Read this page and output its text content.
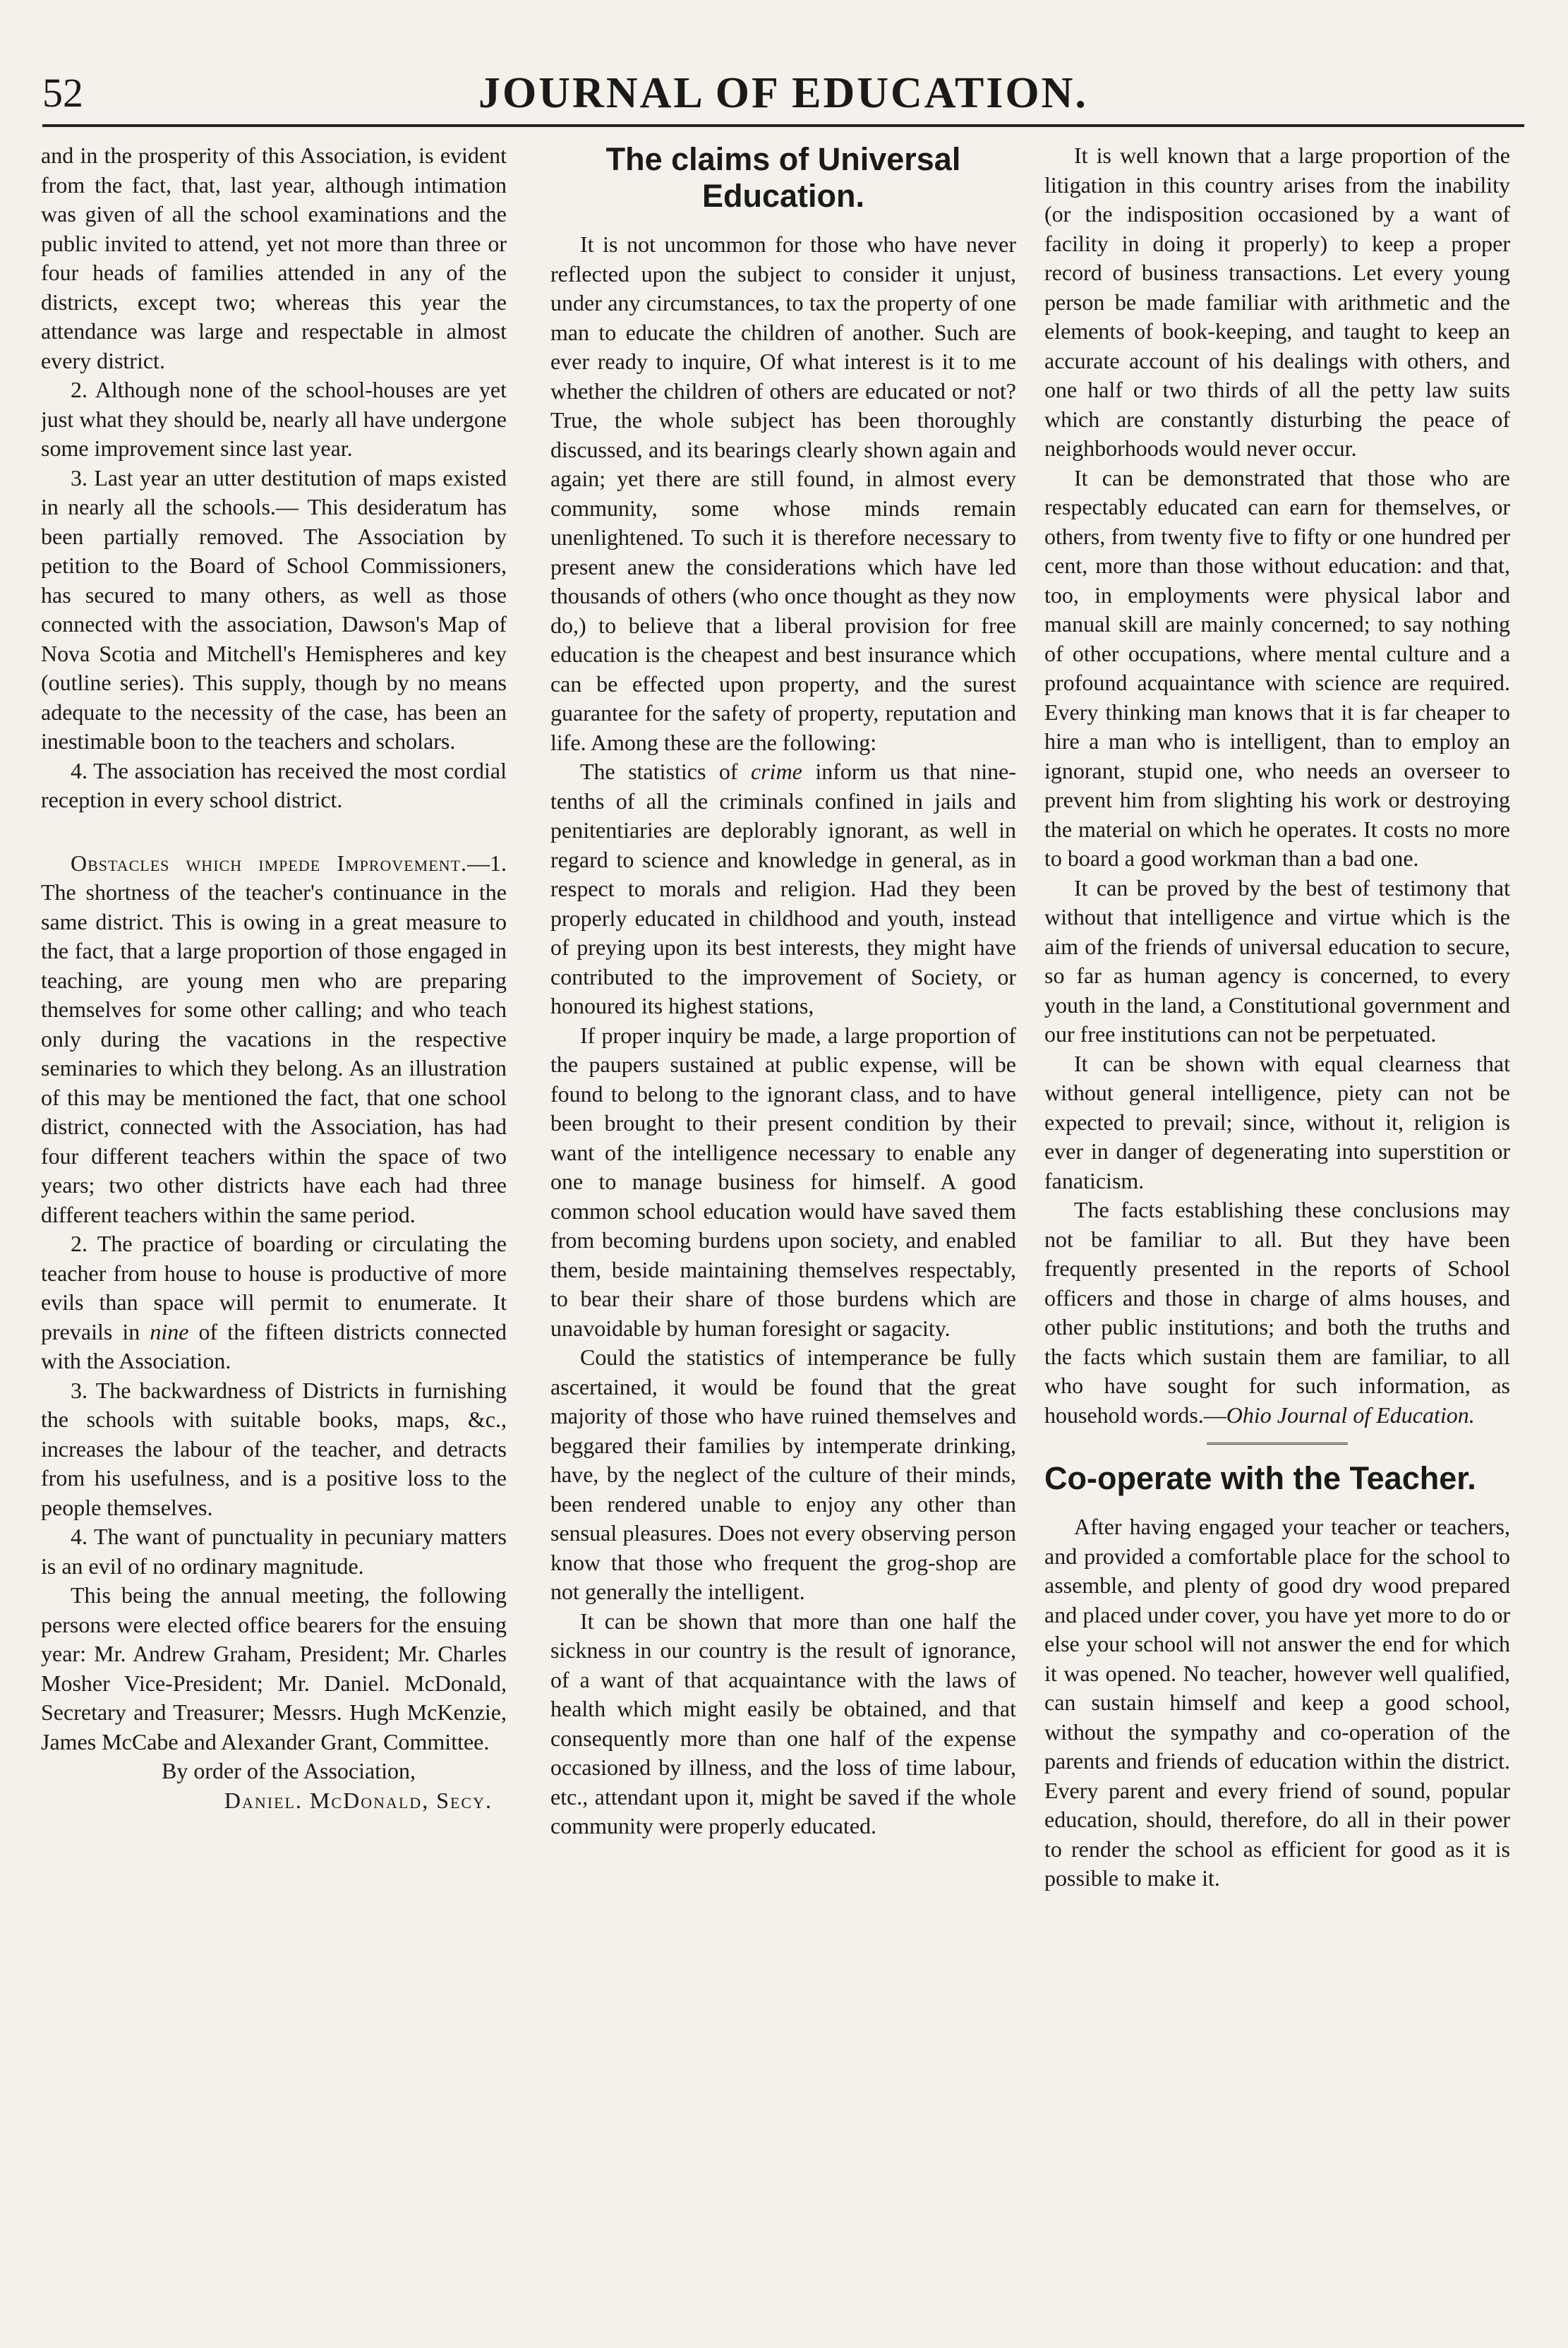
52	JOURNAL OF EDUCATION.

and in the prosperity of this Association, is evident from the fact, that, last year, although intimation was given of all the school examinations and the public invited to attend, yet not more than three or four heads of families attended in any of the districts, except two; whereas this year the attendance was large and respectable in almost every district.

2. Although none of the school-houses are yet just what they should be, nearly all have undergone some improvement since last year.

3. Last year an utter destitution of maps existed in nearly all the schools.— This desideratum has been partially removed. The Association by petition to the Board of School Commissioners, has secured to many others, as well as those connected with the association, Dawson's Map of Nova Scotia and Mitchell's Hemispheres and key (outline series). This supply, though by no means adequate to the necessity of the case, has been an inestimable boon to the teachers and scholars.

4. The association has received the most cordial reception in every school district.

Obstacles which impede Improvement.—1. The shortness of the teacher's continuance in the same district. This is owing in a great measure to the fact, that a large proportion of those engaged in teaching, are young men who are preparing themselves for some other calling; and who teach only during the vacations in the respective seminaries to which they belong. As an illustration of this may be mentioned the fact, that one school district, connected with the Association, has had four different teachers within the space of two years; two other districts have each had three different teachers within the same period.

2. The practice of boarding or circulating the teacher from house to house is productive of more evils than space will permit to enumerate. It prevails in nine of the fifteen districts connected with the Association.

3. The backwardness of Districts in furnishing the schools with suitable books, maps, &c., increases the labour of the teacher, and detracts from his usefulness, and is a positive loss to the people themselves.

4. The want of punctuality in pecuniary matters is an evil of no ordinary magnitude.

This being the annual meeting, the following persons were elected office bearers for the ensuing year: Mr. Andrew Graham, President; Mr. Charles Mosher Vice-President; Mr. Daniel. McDonald, Secretary and Treasurer; Messrs. Hugh McKenzie, James McCabe and Alexander Grant, Committee.

By order of the Association,

Daniel. McDonald, Secy.

The claims of Universal Education.

It is not uncommon for those who have never reflected upon the subject to consider it unjust, under any circumstances, to tax the property of one man to educate the children of another. Such are ever ready to inquire, Of what interest is it to me whether the children of others are educated or not? True, the whole subject has been thoroughly discussed, and its bearings clearly shown again and again; yet there are still found, in almost every community, some whose minds remain unenlightened. To such it is therefore necessary to present anew the considerations which have led thousands of others (who once thought as they now do,) to believe that a liberal provision for free education is the cheapest and best insurance which can be effected upon property, and the surest guarantee for the safety of property, reputation and life. Among these are the following:

The statistics of crime inform us that nine-tenths of all the criminals confined in jails and penitentiaries are deplorably ignorant, as well in regard to science and knowledge in general, as in respect to morals and religion. Had they been properly educated in childhood and youth, instead of preying upon its best interests, they might have contributed to the improvement of Society, or honoured its highest stations,

If proper inquiry be made, a large proportion of the paupers sustained at public expense, will be found to belong to the ignorant class, and to have been brought to their present condition by their want of the intelligence necessary to enable any one to manage business for himself. A good common school education would have saved them from becoming burdens upon society, and enabled them, beside maintaining themselves respectably, to bear their share of those burdens which are unavoidable by human foresight or sagacity.

Could the statistics of intemperance be fully ascertained, it would be found that the great majority of those who have ruined themselves and beggared their families by intemperate drinking, have, by the neglect of the culture of their minds, been rendered unable to enjoy any other than sensual pleasures. Does not every observing person know that those who frequent the grog-shop are not generally the intelligent.

It can be shown that more than one half the sickness in our country is the result of ignorance, of a want of that acquaintance with the laws of health which might easily be obtained, and that consequently more than one half of the expense occasioned by illness, and the loss of time labour, etc., attendant upon it, might be saved if the whole community were properly educated.

It is well known that a large proportion of the litigation in this country arises from the inability (or the indisposition occasioned by a want of facility in doing it properly) to keep a proper record of business transactions. Let every young person be made familiar with arithmetic and the elements of book-keeping, and taught to keep an accurate account of his dealings with others, and one half or two thirds of all the petty law suits which are constantly disturbing the peace of neighborhoods would never occur.

It can be demonstrated that those who are respectably educated can earn for themselves, or others, from twenty five to fifty or one hundred per cent, more than those without education: and that, too, in employments were physical labor and manual skill are mainly concerned; to say nothing of other occupations, where mental culture and a profound acquaintance with science are required. Every thinking man knows that it is far cheaper to hire a man who is intelligent, than to employ an ignorant, stupid one, who needs an overseer to prevent him from slighting his work or destroying the material on which he operates. It costs no more to board a good workman than a bad one.

It can be proved by the best of testimony that without that intelligence and virtue which is the aim of the friends of universal education to secure, so far as human agency is concerned, to every youth in the land, a Constitutional government and our free institutions can not be perpetuated.

It can be shown with equal clearness that without general intelligence, piety can not be expected to prevail; since, without it, religion is ever in danger of degenerating into superstition or fanaticism.

The facts establishing these conclusions may not be familiar to all. But they have been frequently presented in the reports of School officers and those in charge of alms houses, and other public institutions; and both the truths and the facts which sustain them are familiar, to all who have sought for such information, as household words.—Ohio Journal of Education.

Co-operate with the Teacher.

After having engaged your teacher or teachers, and provided a comfortable place for the school to assemble, and plenty of good dry wood prepared and placed under cover, you have yet more to do or else your school will not answer the end for which it was opened. No teacher, however well qualified, can sustain himself and keep a good school, without the sympathy and co-operation of the parents and friends of education within the district. Every parent and every friend of sound, popular education, should, therefore, do all in their power to render the school as efficient for good as it is possible to make it.
